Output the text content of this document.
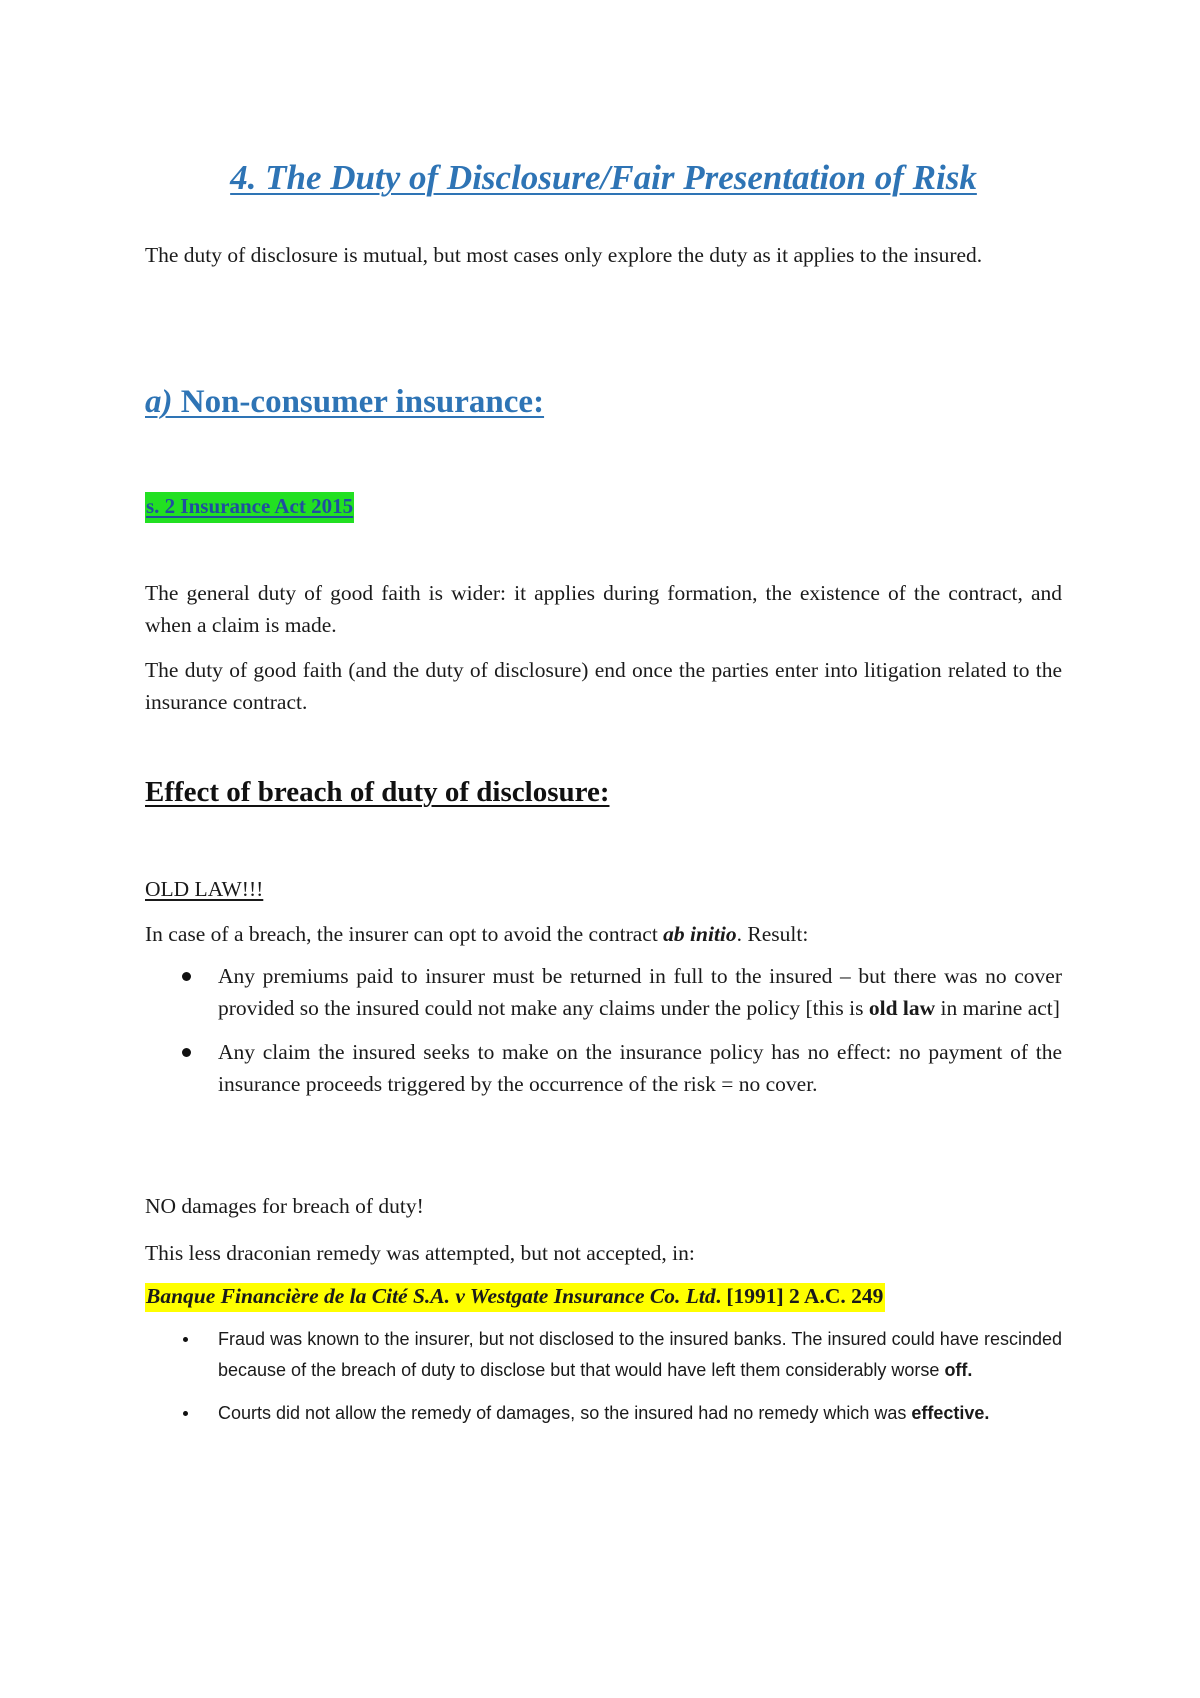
4. The Duty of Disclosure/Fair Presentation of Risk

The duty of disclosure is mutual, but most cases only explore the duty as it applies to the insured.

a) Non-consumer insurance:

s. 2 Insurance Act 2015

The general duty of good faith is wider: it applies during formation, the existence of the contract, and when a claim is made.

The duty of good faith (and the duty of disclosure) end once the parties enter into litigation related to the insurance contract.

Effect of breach of duty of disclosure:

OLD LAW!!!

In case of a breach, the insurer can opt to avoid the contract ab initio. Result:

Any premiums paid to insurer must be returned in full to the insured – but there was no cover provided so the insured could not make any claims under the policy [this is old law in marine act]
Any claim the insured seeks to make on the insurance policy has no effect: no payment of the insurance proceeds triggered by the occurrence of the risk = no cover.

NO damages for breach of duty!

This less draconian remedy was attempted, but not accepted, in:

Banque Financière de la Cité S.A. v Westgate Insurance Co. Ltd. [1991] 2 A.C. 249

Fraud was known to the insurer, but not disclosed to the insured banks. The insured could have rescinded because of the breach of duty to disclose but that would have left them considerably worse off.
Courts did not allow the remedy of damages, so the insured had no remedy which was effective.
